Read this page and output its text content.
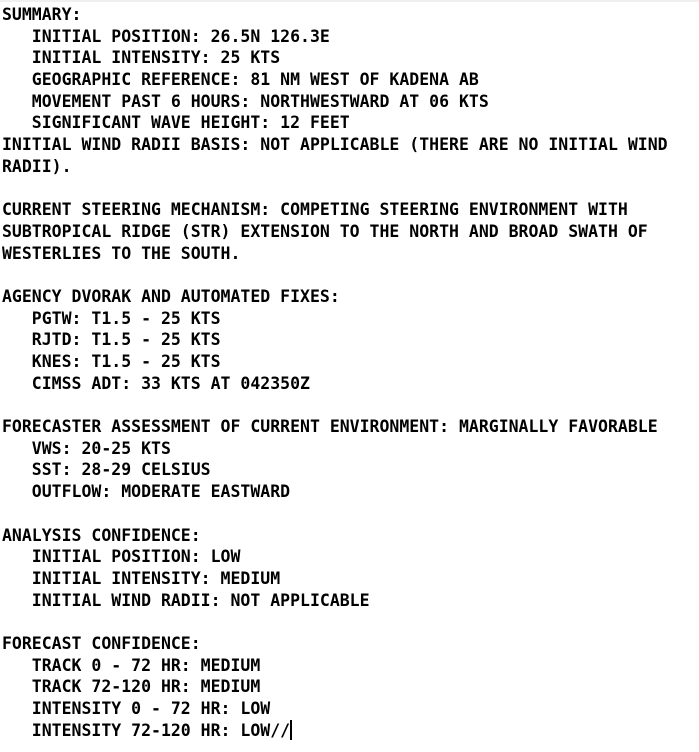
SUMMARY:
INITIAL POSITION: 26.5N 126.3E
INITIAL INTENSITY: 25 KTS
GEOGRAPHIC REFERENCE: 81 NM WEST OF KADENA AB
MOVEMENT PAST 6 HOURS: NORTHWESTWARD AT 06 KTS
SIGNIFICANT WAVE HEIGHT: 12 FEET
INITIAL WIND RADII BASIS: NOT APPLICABLE (THERE ARE NO INITIAL WIND
RADII).

CURRENT STEERING MECHANISM: COMPETING STEERING ENVIRONMENT WITH
SUBTROPICAL RIDGE (STR) EXTENSION TO THE NORTH AND BROAD SWATH OF
WESTERLIES TO THE SOUTH.

AGENCY DVORAK AND AUTOMATED FIXES:
PGTW: T1.5 - 25 KTS
RJTD: T1.5 - 25 KTS
KNES: T1.5 - 25 KTS
CIMSS ADT: 33 KTS AT 042350Z

FORECASTER ASSESSMENT OF CURRENT ENVIRONMENT: MARGINALLY FAVORABLE
VWS: 20-25 KTS
SST: 28-29 CELSIUS
OUTFLOW: MODERATE EASTWARD

ANALYSIS CONFIDENCE:
INITIAL POSITION: LOW
INITIAL INTENSITY: MEDIUM
INITIAL WIND RADII: NOT APPLICABLE

FORECAST CONFIDENCE:
TRACK 0 - 72 HR: MEDIUM
TRACK 72-120 HR: MEDIUM
INTENSITY 0 - 72 HR: LOW
INTENSITY 72-120 HR: LOW//
